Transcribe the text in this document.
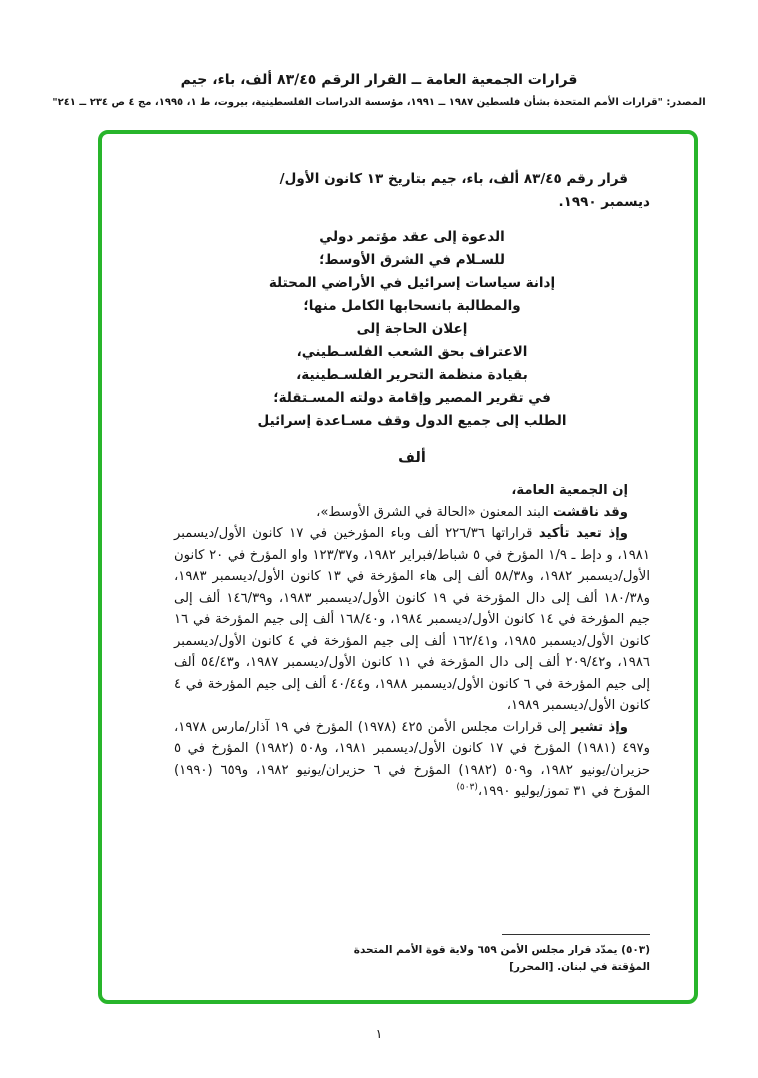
قرارات الجمعية العامة ــ القرار الرقم ٨٣/٤٥ ألف، باء، جيم
المصدر: "قرارات الأمم المتحدة بشأن فلسطين ١٩٨٧ ــ ١٩٩١، مؤسسة الدراسات الفلسطينية، بيروت، ط ١، ١٩٩٥، مج ٤ ص ٢٣٤ ــ ٢٤١"
قرار رقم ٨٣/٤٥ ألف، باء، جيم بتاريخ ١٣ كانون الأول/
ديسمبر ١٩٩٠.
الدعوة إلى عقد مؤتمر دولي
للسـلام في الشرق الأوسط؛
إدانة سياسات إسرائيل في الأراضي المحتلة
والمطالبة بانسحابها الكامل منها؛
إعلان الحاجة إلى
الاعتراف بحق الشعب الفلسـطيني،
بقيادة منظمة التحرير الفلسـطينية،
في تقرير المصير وإقامة دولته المسـتقلة؛
الطلب إلى جميع الدول وقف مسـاعدة إسرائيل
ألف

إن الجمعية العامة،

وقد ناقشت البند المعنون «الحالة في الشرق الأوسط»،

وإذ تعيد تأكيد قراراتها ٢٢٦/٣٦ ألف وباء المؤرخين في ١٧ كانون الأول/ديسمبر ١٩٨١، و دإط ـ ١/٩ المؤرخ في ٥ شباط/فبراير ١٩٨٢، و١٢٣/٣٧ واو المؤرخ في ٢٠ كانون الأول/ديسمبر ١٩٨٢، و٥٨/٣٨ ألف إلى هاء المؤرخة في ١٣ كانون الأول/ديسمبر ١٩٨٣، و١٨٠/٣٨ ألف إلى دال المؤرخة في ١٩ كانون الأول/ديسمبر ١٩٨٣، و١٤٦/٣٩ ألف إلى جيم المؤرخة في ١٤ كانون الأول/ديسمبر ١٩٨٤، و١٦٨/٤٠ ألف إلى جيم المؤرخة في ١٦ كانون الأول/ديسمبر ١٩٨٥، و١٦٢/٤١ ألف إلى جيم المؤرخة في ٤ كانون الأول/ديسمبر ١٩٨٦، و٢٠٩/٤٢ ألف إلى دال المؤرخة في ١١ كانون الأول/ديسمبر ١٩٨٧، و٥٤/٤٣ ألف إلى جيم المؤرخة في ٦ كانون الأول/ديسمبر ١٩٨٨، و٤٠/٤٤ ألف إلى جيم المؤرخة في ٤ كانون الأول/ديسمبر ١٩٨٩،

وإذ تشير إلى قرارات مجلس الأمن ٤٢٥ (١٩٧٨) المؤرخ في ١٩ آذار/مارس ١٩٧٨، و٤٩٧ (١٩٨١) المؤرخ في ١٧ كانون الأول/ديسمبر ١٩٨١، و٥٠٨ (١٩٨٢) المؤرخ في ٥ حزيران/يونيو ١٩٨٢، و٥٠٩ (١٩٨٢) المؤرخ في ٦ حزيران/يونيو ١٩٨٢، و٦٥٩ (١٩٩٠) المؤرخ في ٣١ تموز/يوليو ١٩٩٠،$^{(٥٠٣)}$

(٥٠٣) يمدّد قرار مجلس الأمن ٦٥٩ ولاية قوة الأمم المتحدة المؤقتة في لبنان. [المحرر]

١
